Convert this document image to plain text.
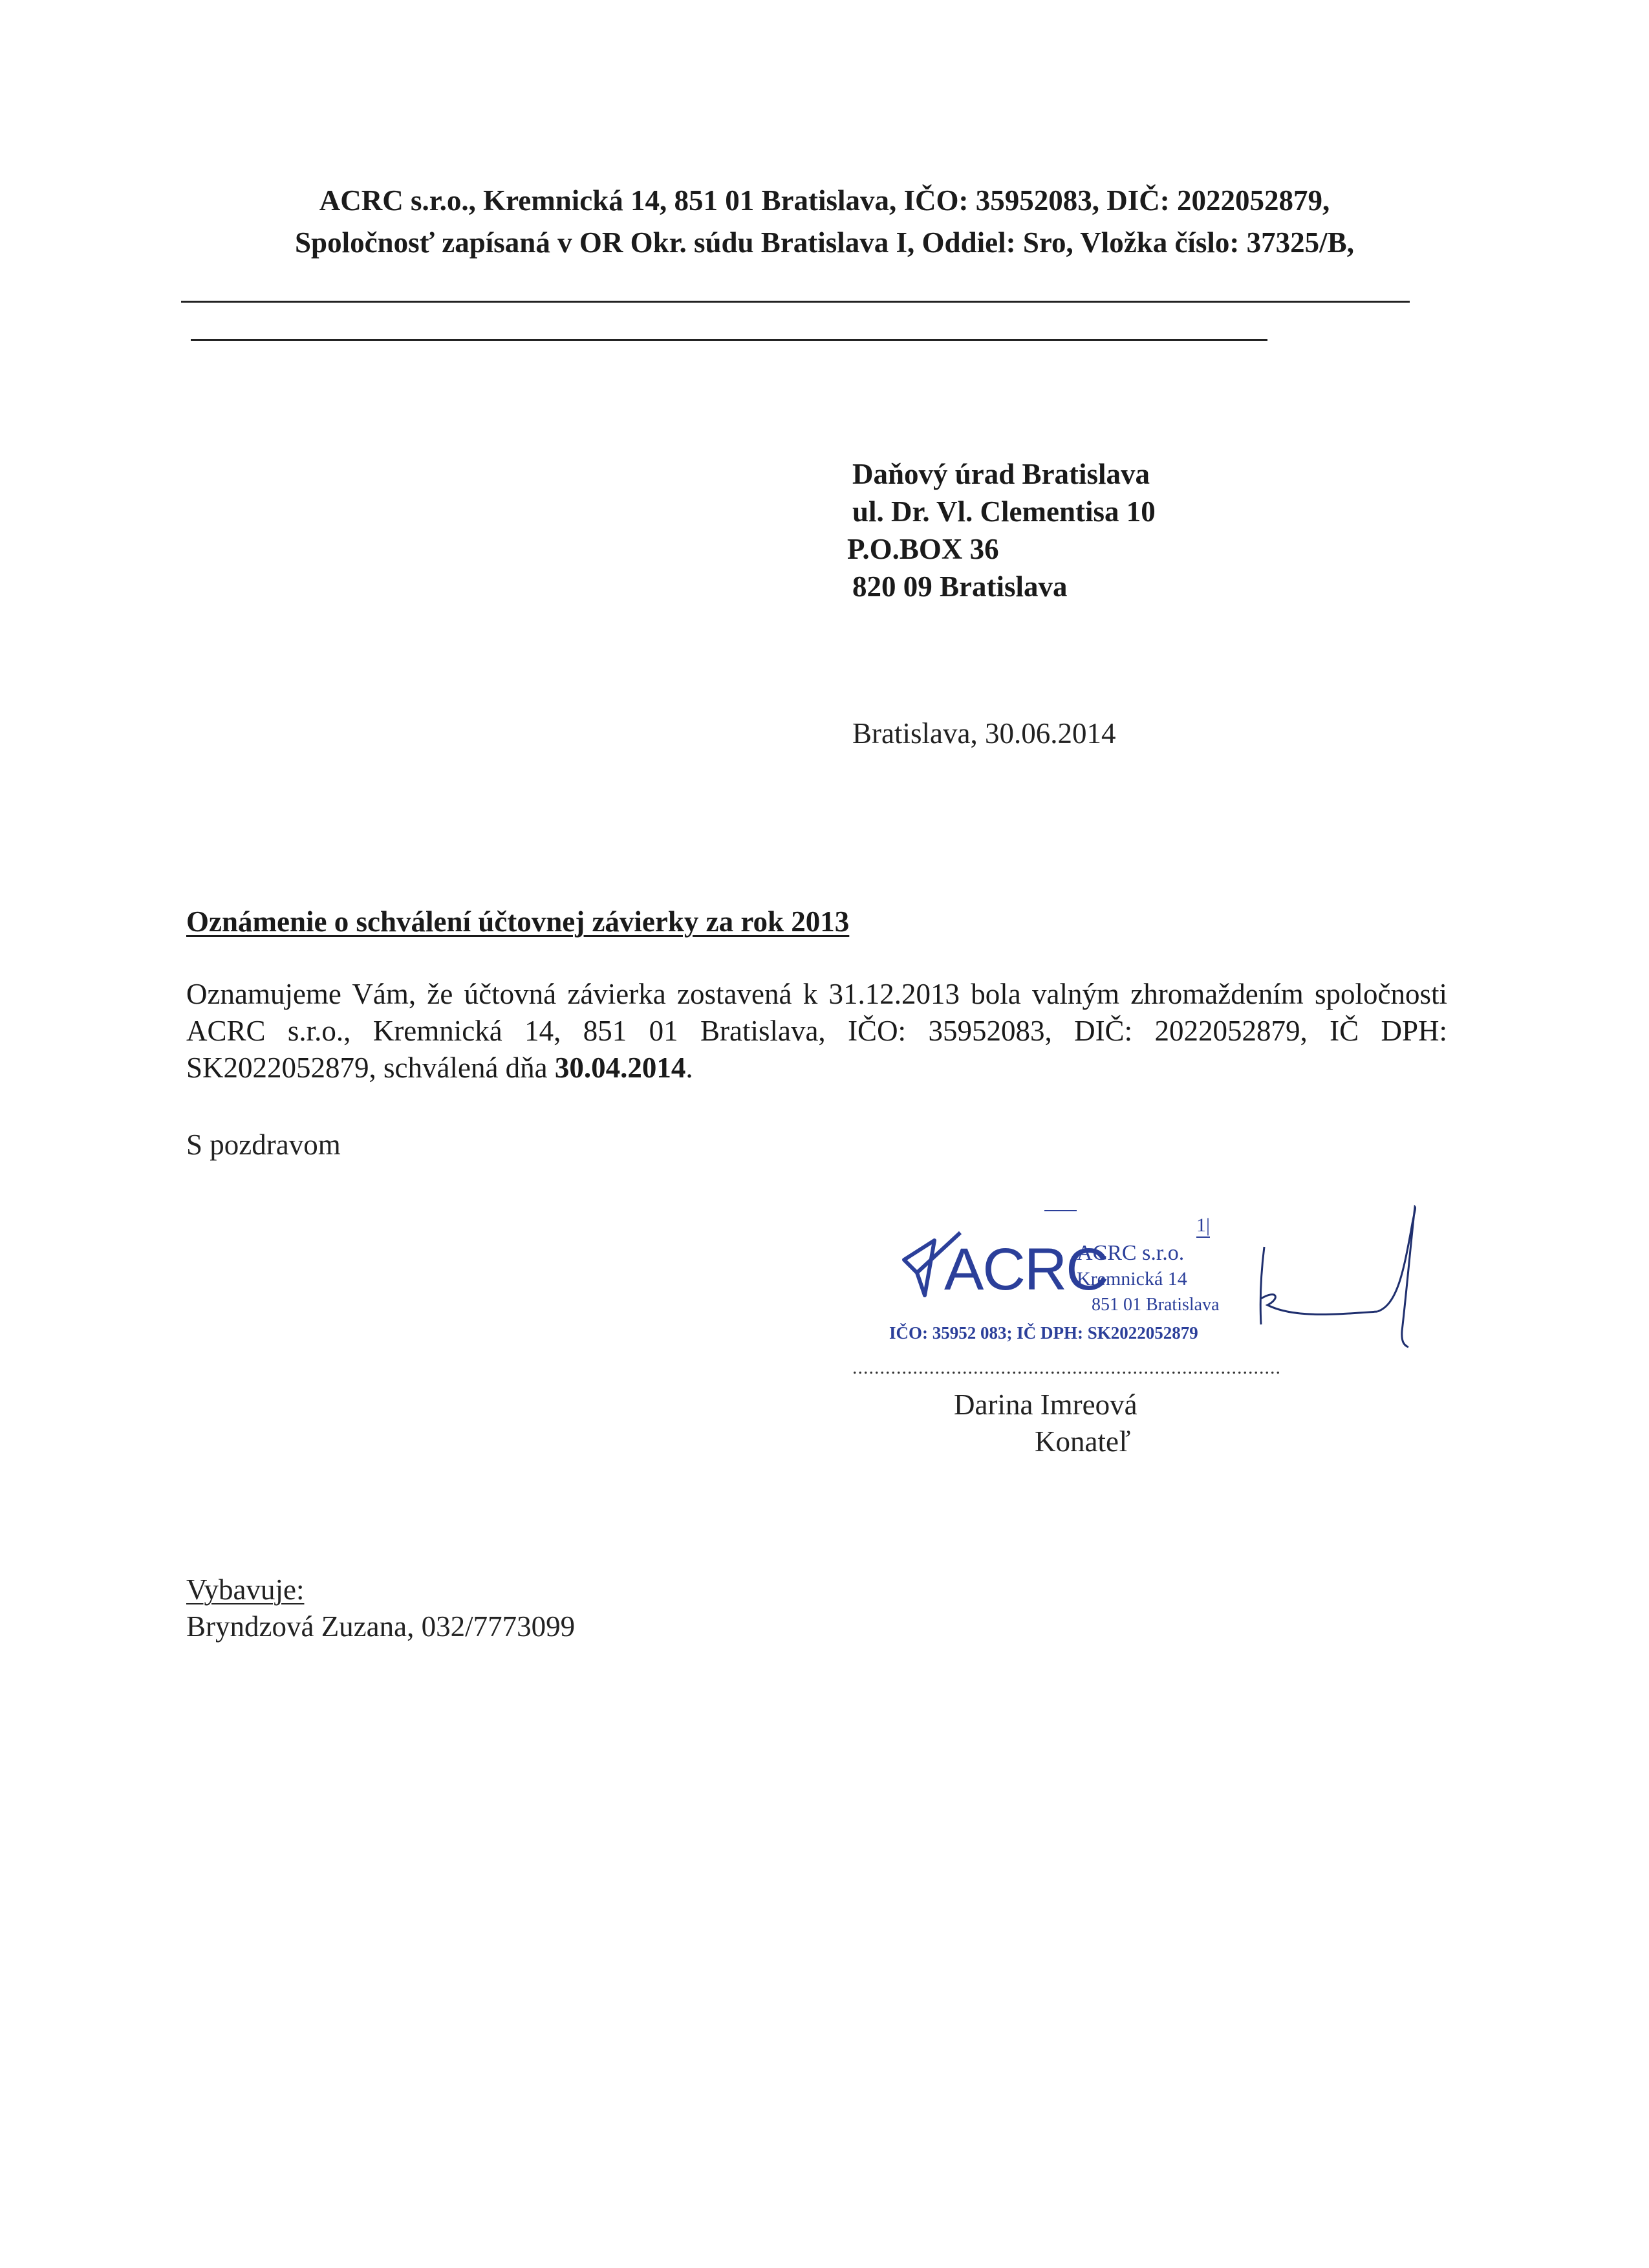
ACRC s.r.o., Kremnická 14, 851 01 Bratislava, IČO: 35952083, DIČ: 2022052879,
Spoločnosť zapísaná v OR Okr. súdu Bratislava I, Oddiel: Sro, Vložka číslo: 37325/B,
Daňový úrad Bratislava
ul. Dr. Vl. Clementisa 10
P.O.BOX 36
820 09 Bratislava
Bratislava, 30.06.2014
Oznámenie o schválení účtovnej závierky za rok 2013
Oznamujeme Vám, že účtovná závierka zostavená k 31.12.2013 bola valným zhromaždením spoločnosti ACRC s.r.o., Kremnická 14, 851 01 Bratislava, IČO: 35952083, DIČ: 2022052879, IČ DPH: SK2022052879, schválená dňa 30.04.2014.
S pozdravom
ACRC
ACRC s.r.o.
Kremnická 14
851 01 Bratislava
IČO: 35952 083; IČ DPH: SK2022052879
1|
..............................................................................
Darina Imreová
Konateľ
Vybavuje:
Bryndzová Zuzana, 032/7773099
